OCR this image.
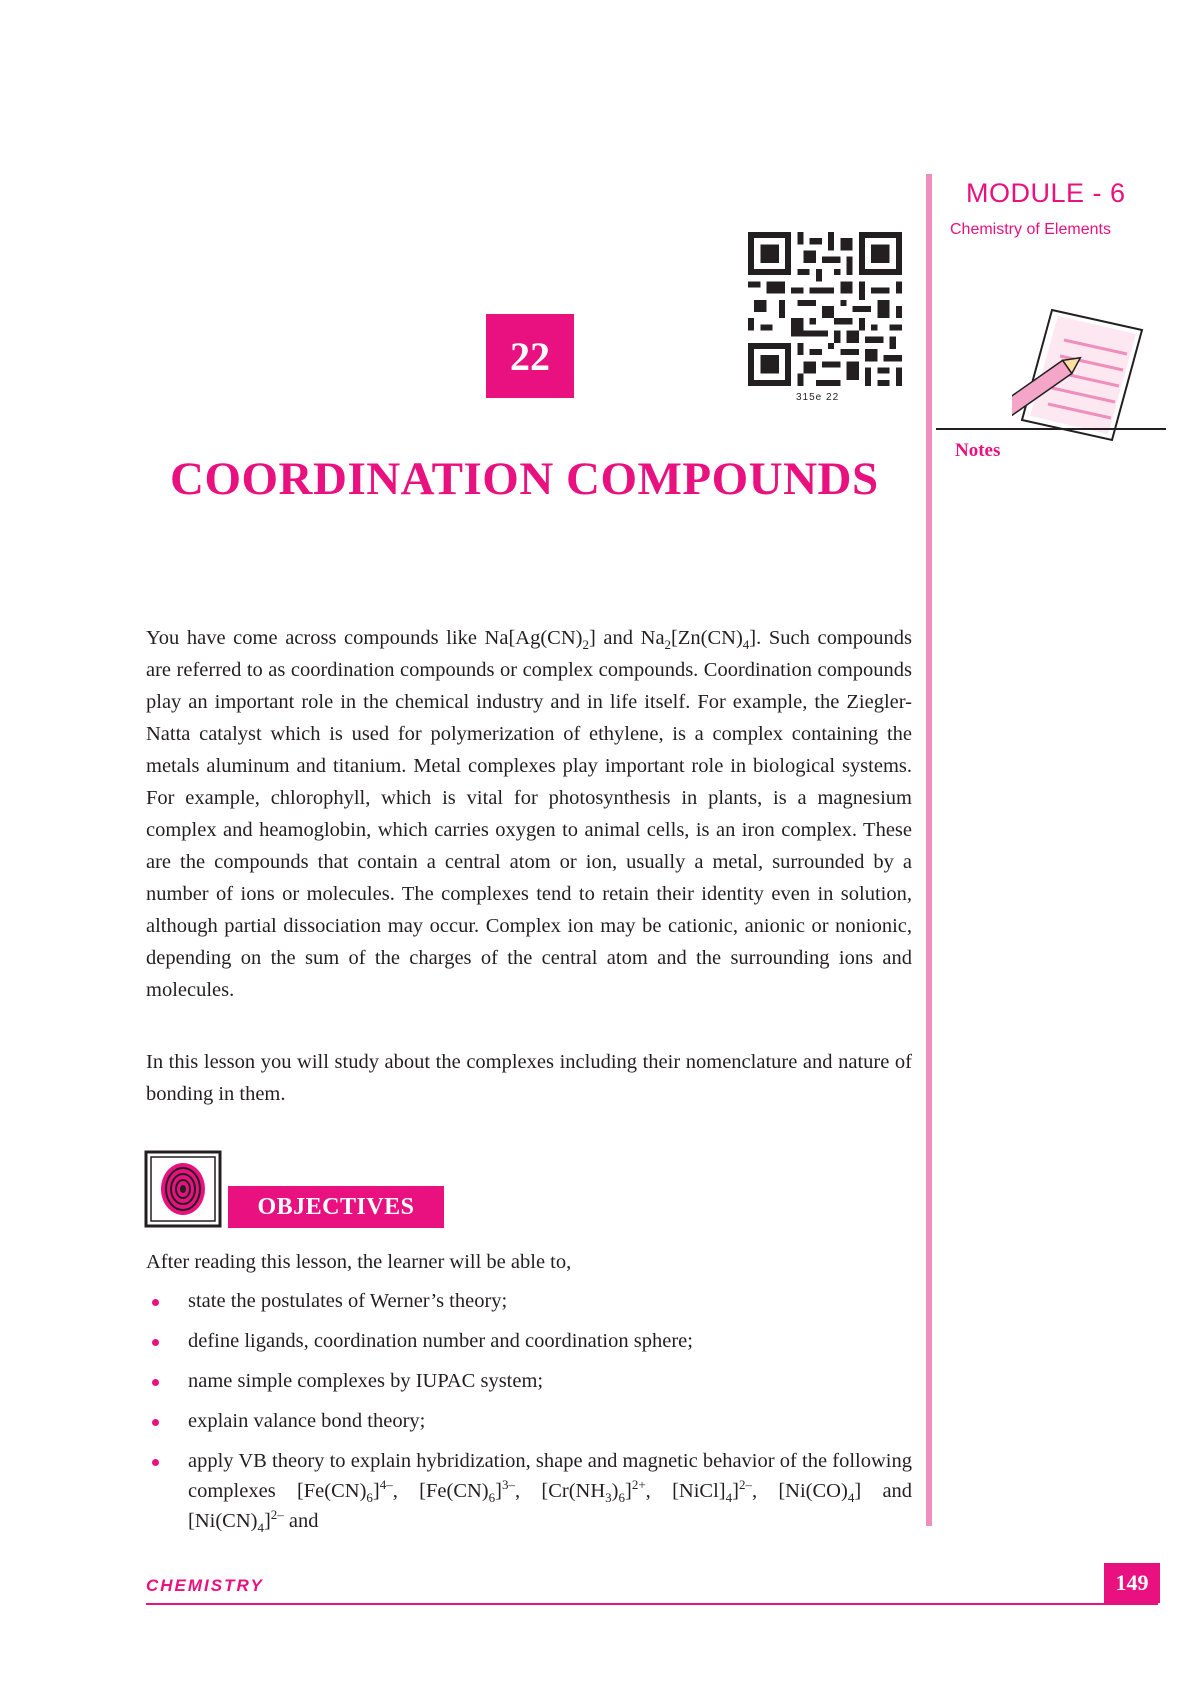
MODULE - 6
Chemistry of Elements
Notes
22
315e 22
COORDINATION COMPOUNDS
You have come across compounds like $Na[Ag(CN)_2]$ and $Na_2[Zn(CN)_4]$. Such compounds are referred to as coordination compounds or complex compounds. Coordination compounds play an important role in the chemical industry and in life itself. For example, the Ziegler-Natta catalyst which is used for polymerization of ethylene, is a complex containing the metals aluminum and titanium. Metal complexes play important role in biological systems. For example, chlorophyll, which is vital for photosynthesis in plants, is a magnesium complex and heamoglobin, which carries oxygen to animal cells, is an iron complex. These are the compounds that contain a central atom or ion, usually a metal, surrounded by a number of ions or molecules. The complexes tend to retain their identity even in solution, although partial dissociation may occur. Complex ion may be cationic, anionic or nonionic, depending on the sum of the charges of the central atom and the surrounding ions and molecules.
In this lesson you will study about the complexes including their nomenclature and nature of bonding in them.
OBJECTIVES
After reading this lesson, the learner will be able to,
state the postulates of Werner’s theory;
define ligands, coordination number and coordination sphere;
name simple complexes by IUPAC system;
explain valance bond theory;
apply VB theory to explain hybridization, shape and magnetic behavior of the following complexes $[Fe(CN)_6]^{4-}$, $[Fe(CN)_6]^{3-}$, $[Cr(NH_3)_6]^{2+}$, $[NiCl]_4]^{2-}$, $[Ni(CO)_4]$ and $[Ni(CN)_4]^{2-}$ and
CHEMISTRY	149
